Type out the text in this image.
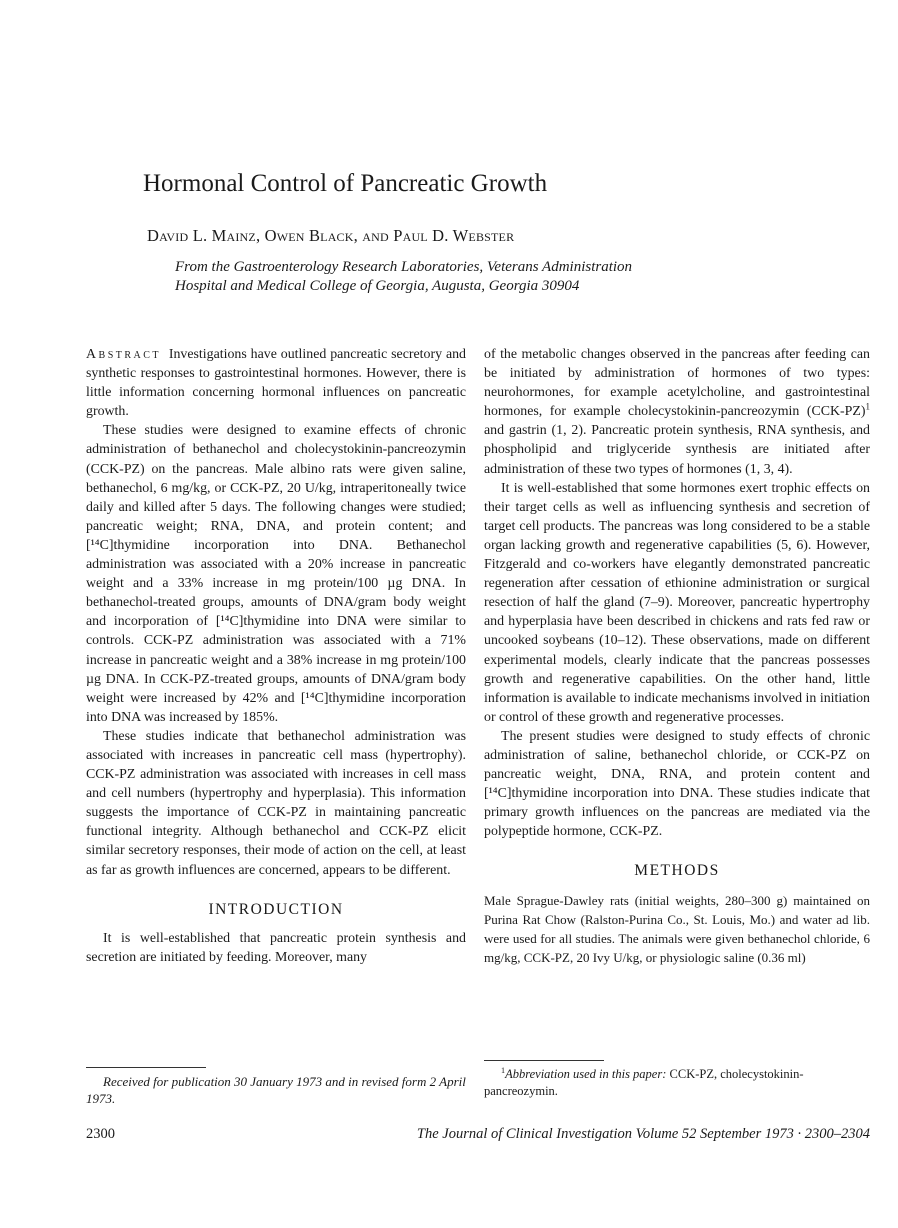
Hormonal Control of Pancreatic Growth
David L. Mainz, Owen Black, and Paul D. Webster
From the Gastroenterology Research Laboratories, Veterans Administration
Hospital and Medical College of Georgia, Augusta, Georgia 30904

Abstract Investigations have outlined pancreatic secretory and synthetic responses to gastrointestinal hormones. However, there is little information concerning hormonal influences on pancreatic growth.

These studies were designed to examine effects of chronic administration of bethanechol and cholecystokinin-pancreozymin (CCK-PZ) on the pancreas. Male albino rats were given saline, bethanechol, 6 mg/kg, or CCK-PZ, 20 U/kg, intraperitoneally twice daily and killed after 5 days. The following changes were studied; pancreatic weight; RNA, DNA, and protein content; and [¹⁴C]thymidine incorporation into DNA. Bethanechol administration was associated with a 20% increase in pancreatic weight and a 33% increase in mg protein/100 µg DNA. In bethanechol-treated groups, amounts of DNA/gram body weight and incorporation of [¹⁴C]thymidine into DNA were similar to controls. CCK-PZ administration was associated with a 71% increase in pancreatic weight and a 38% increase in mg protein/100 µg DNA. In CCK-PZ-treated groups, amounts of DNA/gram body weight were increased by 42% and [¹⁴C]thymidine incorporation into DNA was increased by 185%.

These studies indicate that bethanechol administration was associated with increases in pancreatic cell mass (hypertrophy). CCK-PZ administration was associated with increases in cell mass and cell numbers (hypertrophy and hyperplasia). This information suggests the importance of CCK-PZ in maintaining pancreatic functional integrity. Although bethanechol and CCK-PZ elicit similar secretory responses, their mode of action on the cell, at least as far as growth influences are concerned, appears to be different.

INTRODUCTION

It is well-established that pancreatic protein synthesis and secretion are initiated by feeding. Moreover, many

Received for publication 30 January 1973 and in revised form 2 April 1973.

of the metabolic changes observed in the pancreas after feeding can be initiated by administration of hormones of two types: neurohormones, for example acetylcholine, and gastrointestinal hormones, for example cholecystokinin-pancreozymin $(CCK-PZ)^1$ and gastrin (1, 2). Pancreatic protein synthesis, RNA synthesis, and phospholipid and triglyceride synthesis are initiated after administration of these two types of hormones (1, 3, 4).

It is well-established that some hormones exert trophic effects on their target cells as well as influencing synthesis and secretion of target cell products. The pancreas was long considered to be a stable organ lacking growth and regenerative capabilities (5, 6). However, Fitzgerald and co-workers have elegantly demonstrated pancreatic regeneration after cessation of ethionine administration or surgical resection of half the gland (7–9). Moreover, pancreatic hypertrophy and hyperplasia have been described in chickens and rats fed raw or uncooked soybeans (10–12). These observations, made on different experimental models, clearly indicate that the pancreas possesses growth and regenerative capabilities. On the other hand, little information is available to indicate mechanisms involved in initiation or control of these growth and regenerative processes.

The present studies were designed to study effects of chronic administration of saline, bethanechol chloride, or CCK-PZ on pancreatic weight, DNA, RNA, and protein content and [¹⁴C]thymidine incorporation into DNA. These studies indicate that primary growth influences on the pancreas are mediated via the polypeptide hormone, CCK-PZ.

METHODS

Male Sprague-Dawley rats (initial weights, 280–300 g) maintained on Purina Rat Chow (Ralston-Purina Co., St. Louis, Mo.) and water ad lib. were used for all studies. The animals were given bethanechol chloride, 6 mg/kg, CCK-PZ, 20 Ivy U/kg, or physiologic saline (0.36 ml)

$^1$Abbreviation used in this paper: CCK-PZ, cholecystokinin-pancreozymin.
2300	The Journal of Clinical Investigation Volume 52 September 1973 · 2300–2304
